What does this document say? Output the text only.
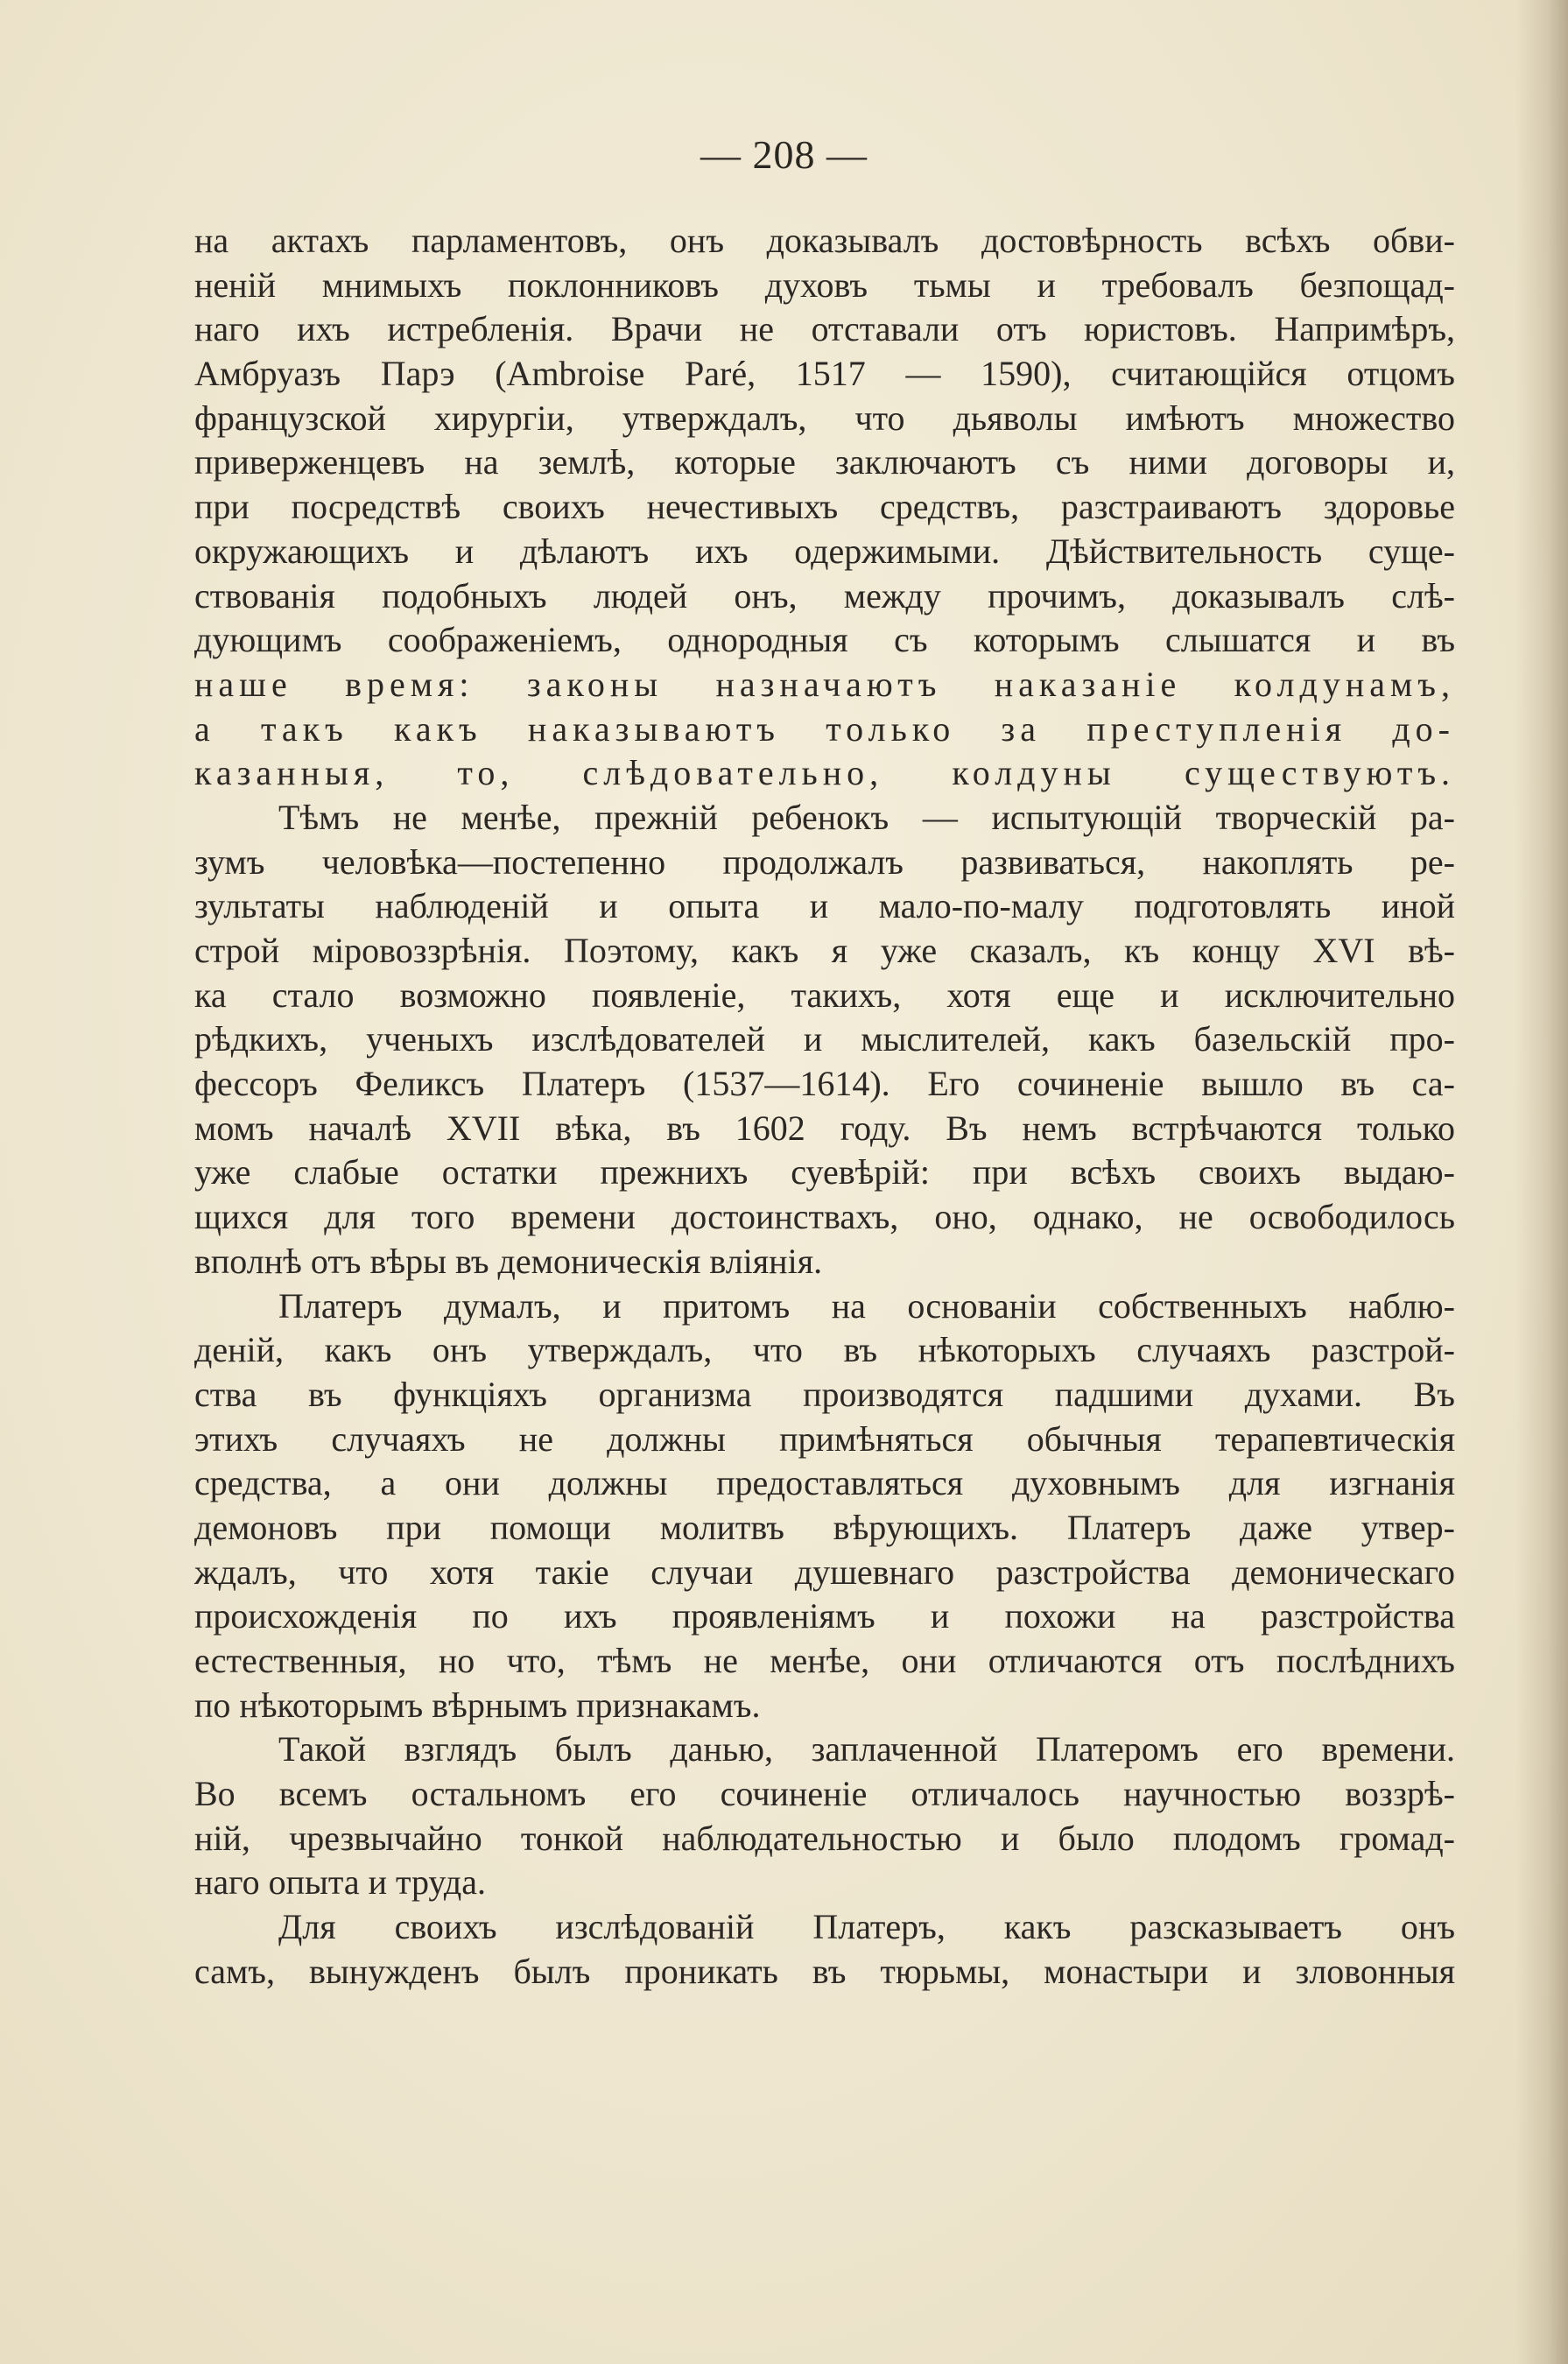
— 208 —
на актахъ парламентовъ, онъ доказывалъ достовѣрность всѣхъ обви-
неній мнимыхъ поклонниковъ духовъ тьмы и требовалъ безпощад-
наго ихъ истребленія. Врачи не отставали отъ юристовъ. Напримѣръ,
Амбруазъ Парэ (Ambroise Paré, 1517 — 1590), считающійся отцомъ
французской хирургіи, утверждалъ, что дьяволы имѣютъ множество
приверженцевъ на землѣ, которые заключаютъ съ ними договоры и,
при посредствѣ своихъ нечестивыхъ средствъ, разстраиваютъ здоровье
окружающихъ и дѣлаютъ ихъ одержимыми. Дѣйствительность суще-
ствованія подобныхъ людей онъ, между прочимъ, доказывалъ слѣ-
дующимъ соображеніемъ, однородныя съ которымъ слышатся и въ
наше время: законы назначаютъ наказаніе колдунамъ,
а такъ какъ наказываютъ только за преступленія до-
казанныя, то, слѣдовательно, колдуны существуютъ.
Тѣмъ не менѣе, прежній ребенокъ — испытующій творческій ра-
зумъ человѣка—постепенно продолжалъ развиваться, накоплять ре-
зультаты наблюденій и опыта и мало-по-малу подготовлять иной
строй міровоззрѣнія. Поэтому, какъ я уже сказалъ, къ концу XVI вѣ-
ка стало возможно появленіе, такихъ, хотя еще и исключительно
рѣдкихъ, ученыхъ изслѣдователей и мыслителей, какъ базельскій про-
фессоръ Феликсъ Платеръ (1537—1614). Его сочиненіе вышло въ са-
момъ началѣ XVII вѣка, въ 1602 году. Въ немъ встрѣчаются только
уже слабые остатки прежнихъ суевѣрій: при всѣхъ своихъ выдаю-
щихся для того времени достоинствахъ, оно, однако, не освободилось
вполнѣ отъ вѣры въ демоническія вліянія.
Платеръ думалъ, и притомъ на основаніи собственныхъ наблю-
деній, какъ онъ утверждалъ, что въ нѣкоторыхъ случаяхъ разстрой-
ства въ функціяхъ организма производятся падшими духами. Въ
этихъ случаяхъ не должны примѣняться обычныя терапевтическія
средства, а они должны предоставляться духовнымъ для изгнанія
демоновъ при помощи молитвъ вѣрующихъ. Платеръ даже утвер-
ждалъ, что хотя такіе случаи душевнаго разстройства демоническаго
происхожденія по ихъ проявленіямъ и похожи на разстройства
естественныя, но что, тѣмъ не менѣе, они отличаются отъ послѣднихъ
по нѣкоторымъ вѣрнымъ признакамъ.
Такой взглядъ былъ данью, заплаченной Платеромъ его времени.
Во всемъ остальномъ его сочиненіе отличалось научностью воззрѣ-
ній, чрезвычайно тонкой наблюдательностью и было плодомъ громад-
наго опыта и труда.
Для своихъ изслѣдованій Платеръ, какъ разсказываетъ онъ
самъ, вынужденъ былъ проникать въ тюрьмы, монастыри и зловонныя
